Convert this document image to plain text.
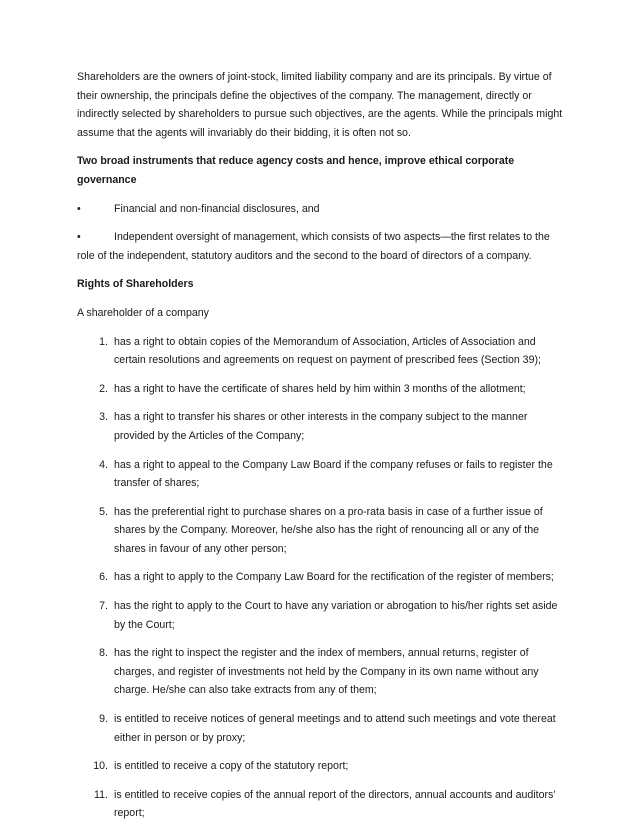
Shareholders are the owners of joint-stock, limited liability company and are its principals. By virtue of their ownership, the principals define the objectives of the company. The management, directly or indirectly selected by shareholders to pursue such objectives, are the agents. While the principals might assume that the agents will invariably do their bidding, it is often not so.

Two broad instruments that reduce agency costs and hence, improve ethical corporate governance

•	Financial and non-financial disclosures, and

•	Independent oversight of management, which consists of two aspects—the first relates to the role of the independent, statutory auditors and the second to the board of directors of a company.

Rights of Shareholders

A shareholder of a company

1. has a right to obtain copies of the Memorandum of Association, Articles of Association and certain resolutions and agreements on request on payment of prescribed fees (Section 39);
2. has a right to have the certificate of shares held by him within 3 months of the allotment;
3. has a right to transfer his shares or other interests in the company subject to the manner provided by the Articles of the Company;
4. has a right to appeal to the Company Law Board if the company refuses or fails to register the transfer of shares;
5. has the preferential right to purchase shares on a pro-rata basis in case of a further issue of shares by the Company. Moreover, he/she also has the right of renouncing all or any of the shares in favour of any other person;
6. has a right to apply to the Company Law Board for the rectification of the register of members;
7. has the right to apply to the Court to have any variation or abrogation to his/her rights set aside by the Court;
8. has the right to inspect the register and the index of members, annual returns, register of charges, and register of investments not held by the Company in its own name without any charge. He/she can also take extracts from any of them;
9. is entitled to receive notices of general meetings and to attend such meetings and vote thereat either in person or by proxy;
10. is entitled to receive a copy of the statutory report;
11. is entitled to receive copies of the annual report of the directors, annual accounts and auditors’ report;
